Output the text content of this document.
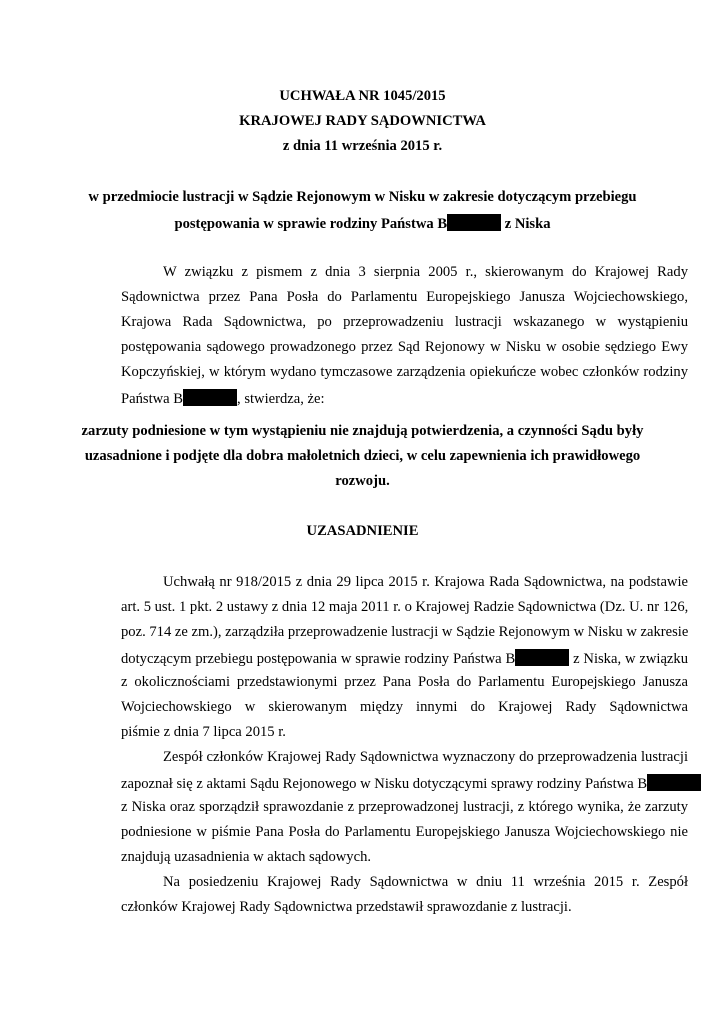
UCHWAŁA NR 1045/2015
KRAJOWEJ RADY SĄDOWNICTWA
z dnia 11 września 2015 r.
w przedmiocie lustracji w Sądzie Rejonowym w Nisku w zakresie dotyczącym przebiegu
postępowania w sprawie rodziny Państwa B	z Niska
W związku z pismem z dnia 3 sierpnia 2005 r., skierowanym do Krajowej Rady
Sądownictwa przez Pana Posła do Parlamentu Europejskiego Janusza Wojciechowskiego,
Krajowa Rada Sądownictwa, po przeprowadzeniu lustracji wskazanego w wystąpieniu
postępowania sądowego prowadzonego przez Sąd Rejonowy w Nisku w osobie sędziego Ewy
Kopczyńskiej, w którym wydano tymczasowe zarządzenia opiekuńcze wobec członków rodziny
Państwa B	, stwierdza, że:
zarzuty podniesione w tym wystąpieniu nie znajdują potwierdzenia, a czynności Sądu były
uzasadnione i podjęte dla dobra małoletnich dzieci, w celu zapewnienia ich prawidłowego
rozwoju.
UZASADNIENIE
Uchwałą nr 918/2015 z dnia 29 lipca 2015 r. Krajowa Rada Sądownictwa, na podstawie
art. 5 ust. 1 pkt. 2 ustawy z dnia 12 maja 2011 r. o Krajowej Radzie Sądownictwa (Dz. U. nr 126,
poz. 714 ze zm.), zarządziła przeprowadzenie lustracji w Sądzie Rejonowym w Nisku w zakresie
dotyczącym przebiegu postępowania w sprawie rodziny Państwa B	z Niska, w związku
z okolicznościami przedstawionymi przez Pana Posła do Parlamentu Europejskiego Janusza
Wojciechowskiego w skierowanym między innymi do Krajowej Rady Sądownictwa
piśmie z dnia 7 lipca 2015 r.
Zespół członków Krajowej Rady Sądownictwa wyznaczony do przeprowadzenia lustracji
zapoznał się z aktami Sądu Rejonowego w Nisku dotyczącymi sprawy rodziny Państwa B
z Niska oraz sporządził sprawozdanie z przeprowadzonej lustracji, z którego wynika, że zarzuty
podniesione w piśmie Pana Posła do Parlamentu Europejskiego Janusza Wojciechowskiego nie
znajdują uzasadnienia w aktach sądowych.
Na posiedzeniu Krajowej Rady Sądownictwa w dniu 11 września 2015 r. Zespół
członków Krajowej Rady Sądownictwa przedstawił sprawozdanie z lustracji.
